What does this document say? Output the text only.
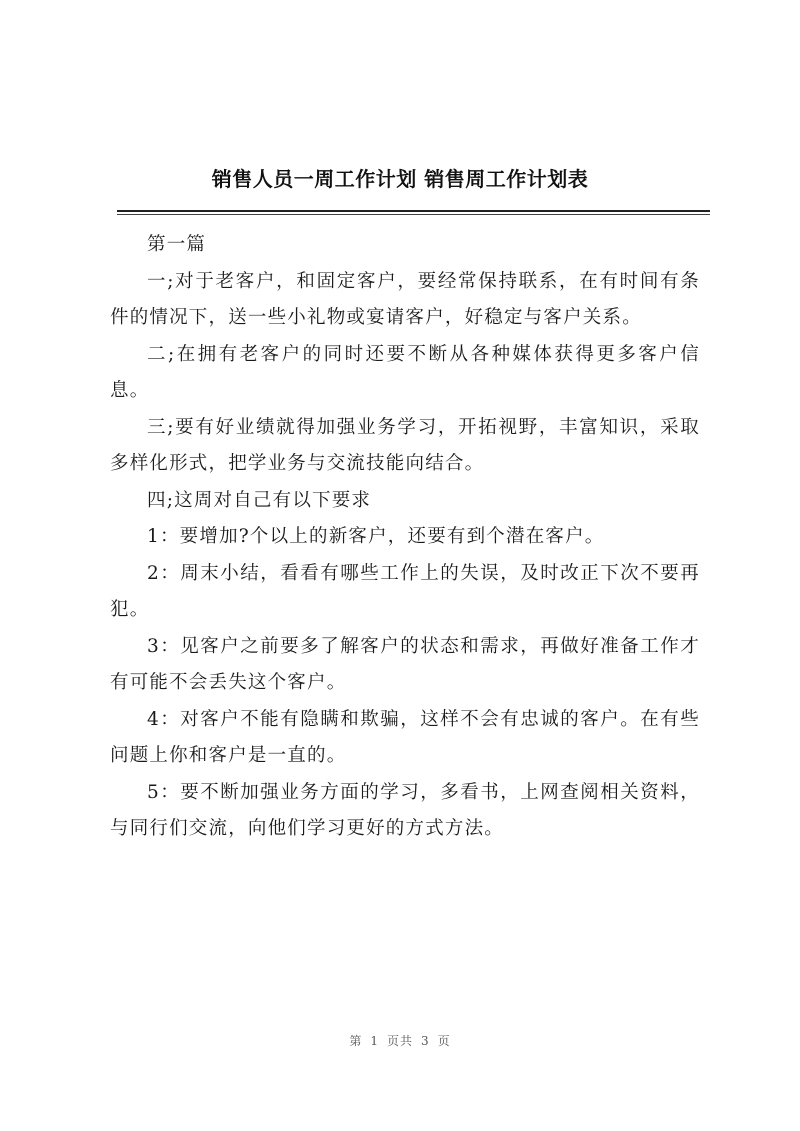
销售人员一周工作计划 销售周工作计划表

第一篇

一;对于老客户，和固定客户，要经常保持联系，在有时间有条件的情况下，送一些小礼物或宴请客户，好稳定与客户关系。

二;在拥有老客户的同时还要不断从各种媒体获得更多客户信息。

三;要有好业绩就得加强业务学习，开拓视野，丰富知识，采取多样化形式，把学业务与交流技能向结合。

四;这周对自己有以下要求

1：要增加?个以上的新客户，还要有到个潜在客户。

2：周末小结，看看有哪些工作上的失误，及时改正下次不要再犯。

3：见客户之前要多了解客户的状态和需求，再做好准备工作才有可能不会丢失这个客户。

4：对客户不能有隐瞒和欺骗，这样不会有忠诚的客户。在有些问题上你和客户是一直的。

5：要不断加强业务方面的学习，多看书，上网查阅相关资料，与同行们交流，向他们学习更好的方式方法。

第 1 页共 3 页
